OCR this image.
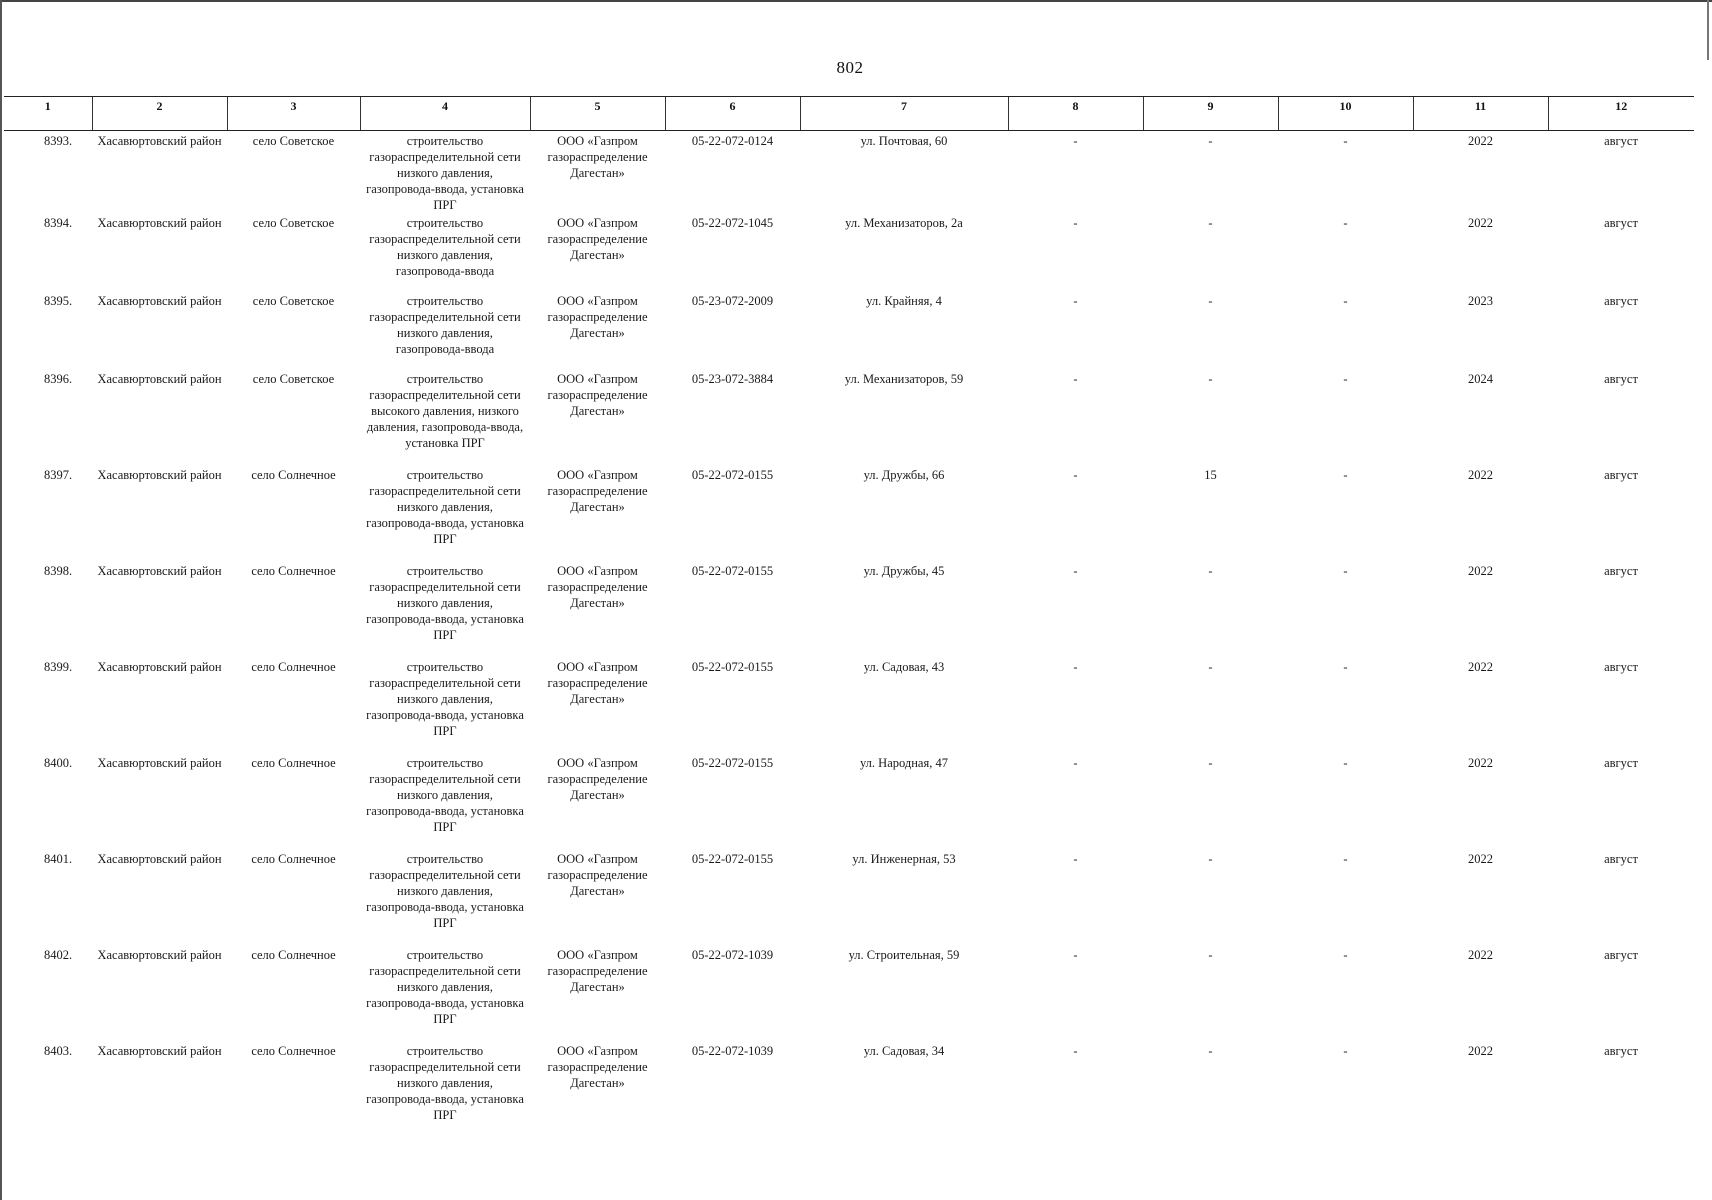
802
1	2	3	4	5	6	7	8	9	10	11	12
8393.	Хасавюртовский район	село Советское	строительство газораспределительной сети низкого давления, газопровода-ввода, установка ПРГ	ООО «Газпром газораспределение Дагестан»	05-22-072-0124	ул. Почтовая, 60	-	-	-	2022	август
8394.	Хасавюртовский район	село Советское	строительство газораспределительной сети низкого давления, газопровода-ввода	ООО «Газпром газораспределение Дагестан»	05-22-072-1045	ул. Механизаторов, 2а	-	-	-	2022	август
8395.	Хасавюртовский район	село Советское	строительство газораспределительной сети низкого давления, газопровода-ввода	ООО «Газпром газораспределение Дагестан»	05-23-072-2009	ул. Крайняя, 4	-	-	-	2023	август
8396.	Хасавюртовский район	село Советское	строительство газораспределительной сети высокого давления, низкого давления, газопровода-ввода, установка ПРГ	ООО «Газпром газораспределение Дагестан»	05-23-072-3884	ул. Механизаторов, 59	-	-	-	2024	август
8397.	Хасавюртовский район	село Солнечное	строительство газораспределительной сети низкого давления, газопровода-ввода, установка ПРГ	ООО «Газпром газораспределение Дагестан»	05-22-072-0155	ул. Дружбы, 66	-	15	-	2022	август
8398.	Хасавюртовский район	село Солнечное	строительство газораспределительной сети низкого давления, газопровода-ввода, установка ПРГ	ООО «Газпром газораспределение Дагестан»	05-22-072-0155	ул. Дружбы, 45	-	-	-	2022	август
8399.	Хасавюртовский район	село Солнечное	строительство газораспределительной сети низкого давления, газопровода-ввода, установка ПРГ	ООО «Газпром газораспределение Дагестан»	05-22-072-0155	ул. Садовая, 43	-	-	-	2022	август
8400.	Хасавюртовский район	село Солнечное	строительство газораспределительной сети низкого давления, газопровода-ввода, установка ПРГ	ООО «Газпром газораспределение Дагестан»	05-22-072-0155	ул. Народная, 47	-	-	-	2022	август
8401.	Хасавюртовский район	село Солнечное	строительство газораспределительной сети низкого давления, газопровода-ввода, установка ПРГ	ООО «Газпром газораспределение Дагестан»	05-22-072-0155	ул. Инженерная, 53	-	-	-	2022	август
8402.	Хасавюртовский район	село Солнечное	строительство газораспределительной сети низкого давления, газопровода-ввода, установка ПРГ	ООО «Газпром газораспределение Дагестан»	05-22-072-1039	ул. Строительная, 59	-	-	-	2022	август
8403.	Хасавюртовский район	село Солнечное	строительство газораспределительной сети низкого давления, газопровода-ввода, установка ПРГ	ООО «Газпром газораспределение Дагестан»	05-22-072-1039	ул. Садовая, 34	-	-	-	2022	август
